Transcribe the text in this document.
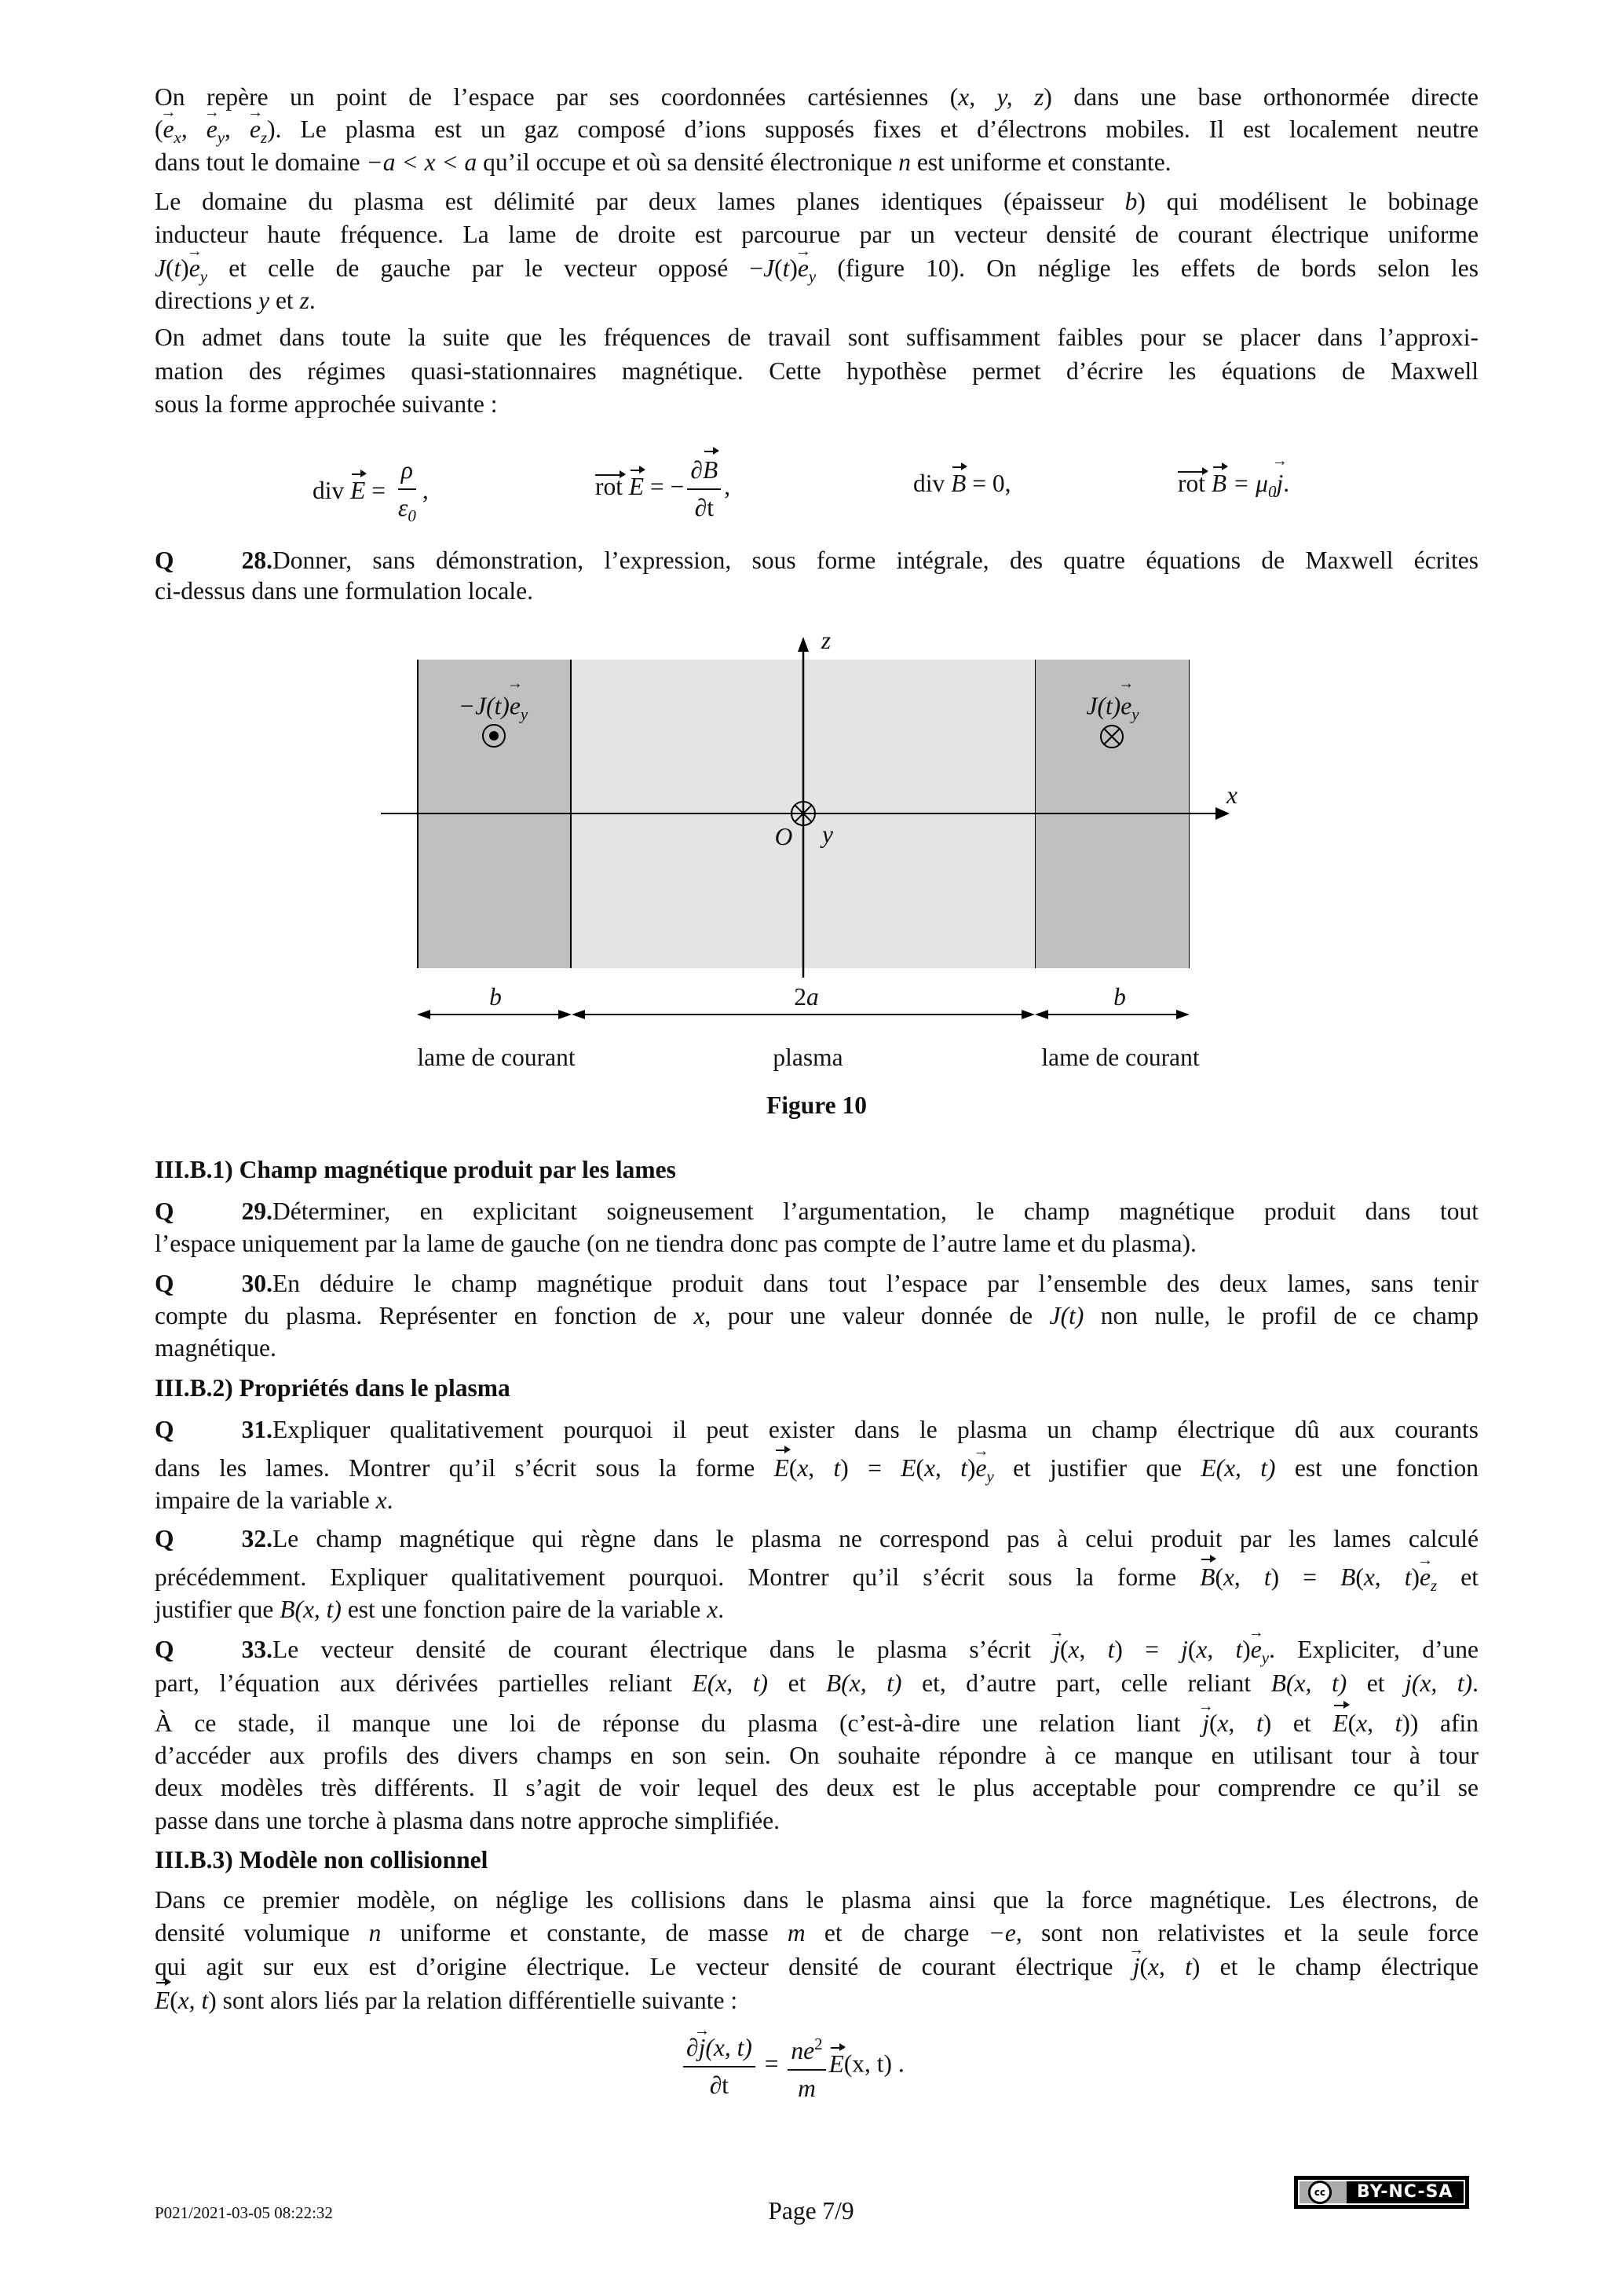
On repère un point de l’espace par ses coordonnées cartésiennes (x, y, z) dans une base orthonormée directe
(→ $e_x$, → $e_y$, → $e_z$). Le plasma est un gaz composé d’ions supposés fixes et d’électrons mobiles. Il est localement neutre
dans tout le domaine −a < x < a qu’il occupe et où sa densité électronique n est uniforme et constante.
Le domaine du plasma est délimité par deux lames planes identiques (épaisseur b) qui modélisent le bobinage
inducteur haute fréquence. La lame de droite est parcourue par un vecteur densité de courant électrique uniforme
$J(t)\to e_y$ et celle de gauche par le vecteur opposé $-J(t)\to e_y$ (figure 10). On néglige les effets de bords selon les
directions y et z.
On admet dans toute la suite que les fréquences de travail sont suffisamment faibles pour se placer dans l’approxi-
mation des régimes quasi-stationnaires magnétique. Cette hypothèse permet d’écrire les équations de Maxwell
sous la forme approchée suivante :
div $E = \frac{\rho}{\varepsilon_0}$ ,	rot E = − $\frac{\partial B}{\partial t}$ ,	div B = 0,	rot $B = \mu_0\to j$.
Q 28.Donner, sans démonstration, l’expression, sous forme intégrale, des quatre équations de Maxwell écrites
ci-dessus dans une formulation locale.
$-J(t)\to e_y$	$J(t)\to e_y$
z
x
y
O
b	2a	b
lame de courant	plasma	lame de courant
Figure 10
III.B.1) Champ magnétique produit par les lames
Q 29.Déterminer, en explicitant soigneusement l’argumentation, le champ magnétique produit dans tout
l’espace uniquement par la lame de gauche (on ne tiendra donc pas compte de l’autre lame et du plasma).
Q 30.En déduire le champ magnétique produit dans tout l’espace par l’ensemble des deux lames, sans tenir
compte du plasma. Représenter en fonction de x, pour une valeur donnée de J(t) non nulle, le profil de ce champ
magnétique.
III.B.2) Propriétés dans le plasma
Q 31.Expliquer qualitativement pourquoi il peut exister dans le plasma un champ électrique dû aux courants
dans les lames. Montrer qu’il s’écrit sous la forme E(x, t) = E(x, $t)\to e_y$ et justifier que E(x, t) est une fonction
impaire de la variable x.
Q 32.Le champ magnétique qui règne dans le plasma ne correspond pas à celui produit par les lames calculé
précédemment. Expliquer qualitativement pourquoi. Montrer qu’il s’écrit sous la forme B(x, t) = B(x, $t)\to e_z$ et
justifier que B(x, t) est une fonction paire de la variable x.
Q 33.Le vecteur densité de courant électrique dans le plasma s’écrit → j(x, t) = j(x, $t)\to e_y$. Expliciter, d’une
part, l’équation aux dérivées partielles reliant E(x, t) et B(x, t) et, d’autre part, celle reliant B(x, t) et j(x, t).
À ce stade, il manque une loi de réponse du plasma (c’est-à-dire une relation liant → j(x, t) et E(x, t)) afin
d’accéder aux profils des divers champs en son sein. On souhaite répondre à ce manque en utilisant tour à tour
deux modèles très différents. Il s’agit de voir lequel des deux est le plus acceptable pour comprendre ce qu’il se
passe dans une torche à plasma dans notre approche simplifiée.
III.B.3) Modèle non collisionnel
Dans ce premier modèle, on néglige les collisions dans le plasma ainsi que la force magnétique. Les électrons, de
densité volumique n uniforme et constante, de masse m et de charge −e, sont non relativistes et la seule force
qui agit sur eux est d’origine électrique. Le vecteur densité de courant électrique → j(x, t) et le champ électrique
E(x, t) sont alors liés par la relation différentielle suivante :
$\frac{\partial\to j(x, t)}{\partial t} = \frac{ne^2}{m} E(x$, t) .
P021/2021-03-05 08:22:32	Page 7/9
cc	BY-NC-SA
